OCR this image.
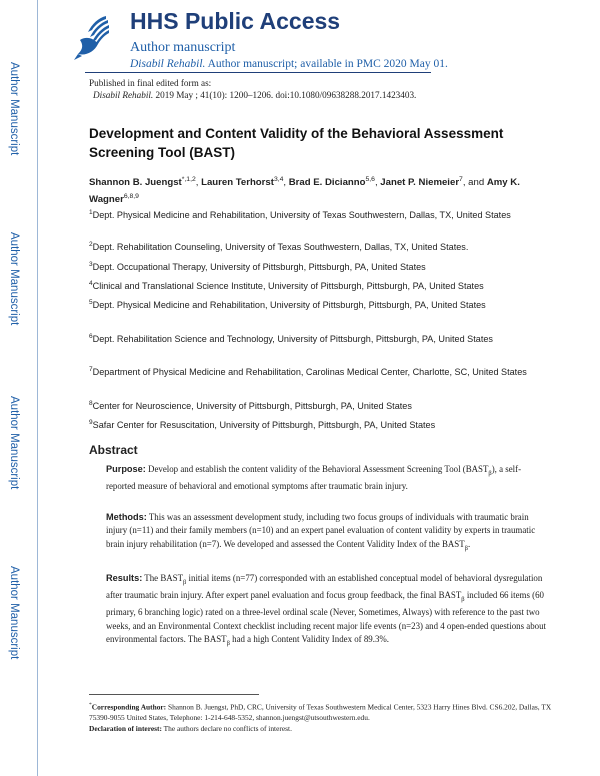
Author Manuscript
Author Manuscript
Author Manuscript
Author Manuscript
HHS Public Access
Author manuscript
Disabil Rehabil. Author manuscript; available in PMC 2020 May 01.
Published in final edited form as:
Disabil Rehabil. 2019 May ; 41(10): 1200–1206. doi:10.1080/09638288.2017.1423403.
Development and Content Validity of the Behavioral Assessment Screening Tool (BAST)
Shannon B. Juengst$^{*,1,2}$, Lauren Terhorst$^{3,4}$, Brad E. Dicianno$^{5,6}$, Janet P. Niemeier$^7$, and Amy K. Wagner$^{6,8,9}$
$^1$Dept. Physical Medicine and Rehabilitation, University of Texas Southwestern, Dallas, TX, United States
$^2$Dept. Rehabilitation Counseling, University of Texas Southwestern, Dallas, TX, United States.
$^3$Dept. Occupational Therapy, University of Pittsburgh, Pittsburgh, PA, United States
$^4$Clinical and Translational Science Institute, University of Pittsburgh, Pittsburgh, PA, United States
$^5$Dept. Physical Medicine and Rehabilitation, University of Pittsburgh, Pittsburgh, PA, United States
$^6$Dept. Rehabilitation Science and Technology, University of Pittsburgh, Pittsburgh, PA, United States
$^7$Department of Physical Medicine and Rehabilitation, Carolinas Medical Center, Charlotte, SC, United States
$^8$Center for Neuroscience, University of Pittsburgh, Pittsburgh, PA, United States
$^9$Safar Center for Resuscitation, University of Pittsburgh, Pittsburgh, PA, United States
Abstract
Purpose: Develop and establish the content validity of the Behavioral Assessment Screening Tool $(BAST_\beta)$, a self-reported measure of behavioral and emotional symptoms after traumatic brain injury.
Methods: This was an assessment development study, including two focus groups of individuals with traumatic brain injury (n=11) and their family members (n=10) and an expert panel evaluation of content validity by experts in traumatic brain injury rehabilitation (n=7). We developed and assessed the Content Validity Index of the $BAST_\beta$.
Results: The $BAST_\beta$ initial items (n=77) corresponded with an established conceptual model of behavioral dysregulation after traumatic brain injury. After expert panel evaluation and focus group feedback, the final $BAST_\beta$ included 66 items (60 primary, 6 branching logic) rated on a three-level ordinal scale (Never, Sometimes, Always) with reference to the past two weeks, and an Environmental Context checklist including recent major life events (n=23) and 4 open-ended questions about environmental factors. The $BAST_\beta$ had a high Content Validity Index of 89.3%.
*Corresponding Author: Shannon B. Juengst, PhD, CRC, University of Texas Southwestern Medical Center, 5323 Harry Hines Blvd. CS6.202, Dallas, TX 75390-9055 United States, Telephone: 1-214-648-5352, shannon.juengst@utsouthwestern.edu.
Declaration of interest: The authors declare no conflicts of interest.
